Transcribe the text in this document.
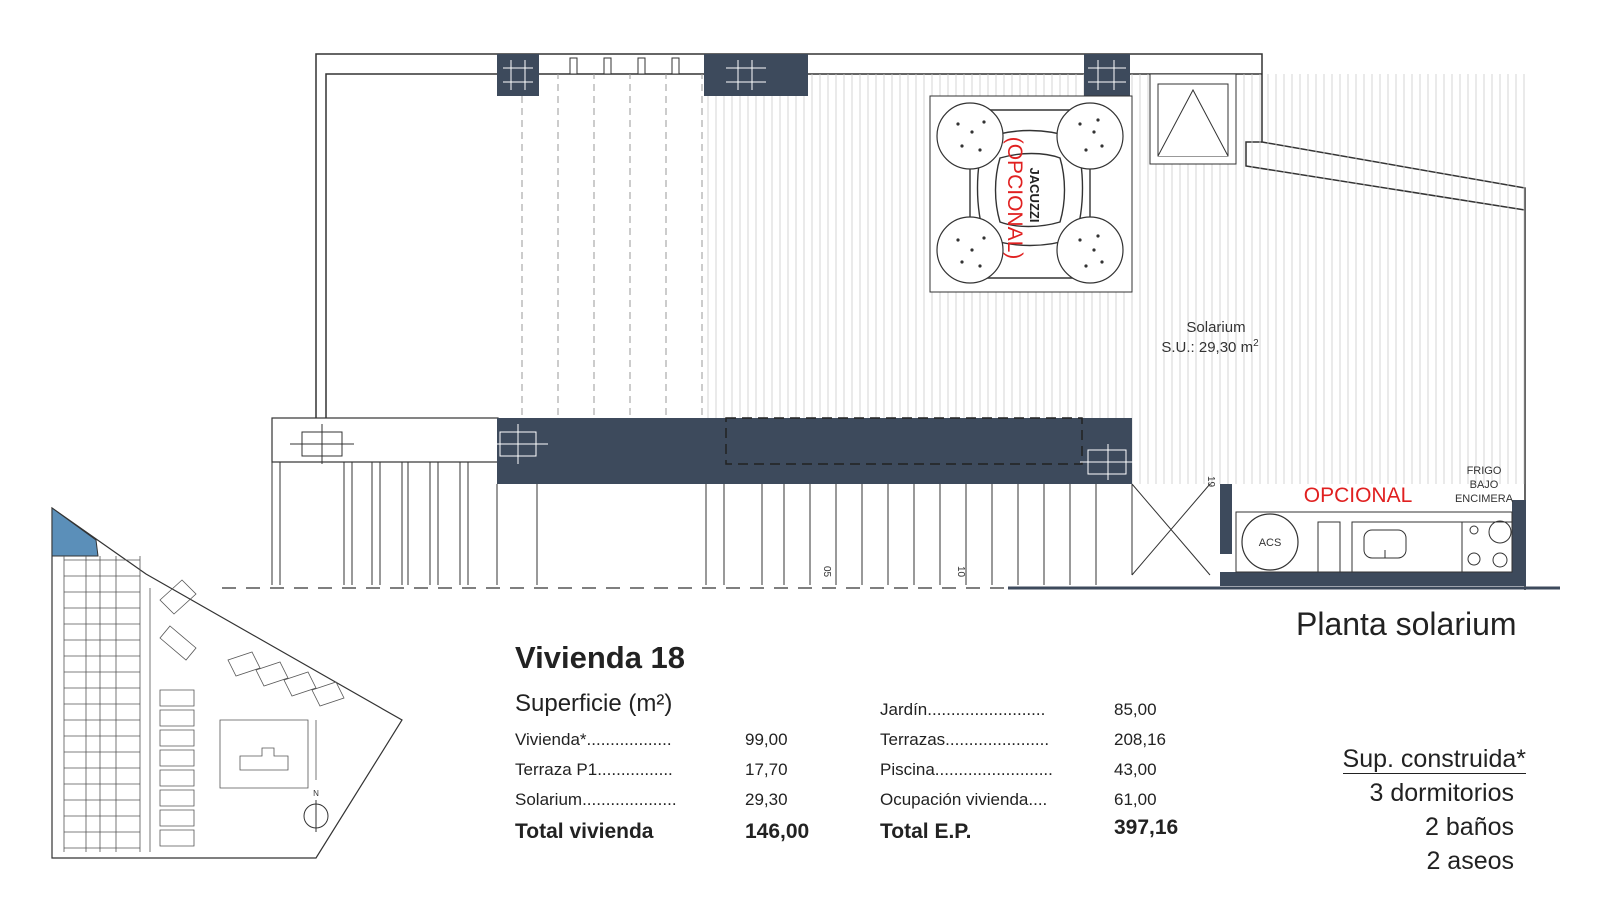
JACUZZI
(OPCIONAL)
Solarium
S.U.: 29,30 $m^2$
ACS
OPCIONAL
FRIGO
BAJO
ENCIMERA
19
05	10
N
Planta solarium
Vivienda 18
Superficie (m²)
Vivienda*..................	99,00
Terraza P1................	17,70
Solarium....................	29,30
Total vivienda	146,00
Jardín.........................	85,00
Terrazas......................	208,16
Piscina.........................	43,00
Ocupación vivienda....	61,00
Total E.P.	397,16
Sup. construida*
3 dormitorios
2 baños
2 aseos
